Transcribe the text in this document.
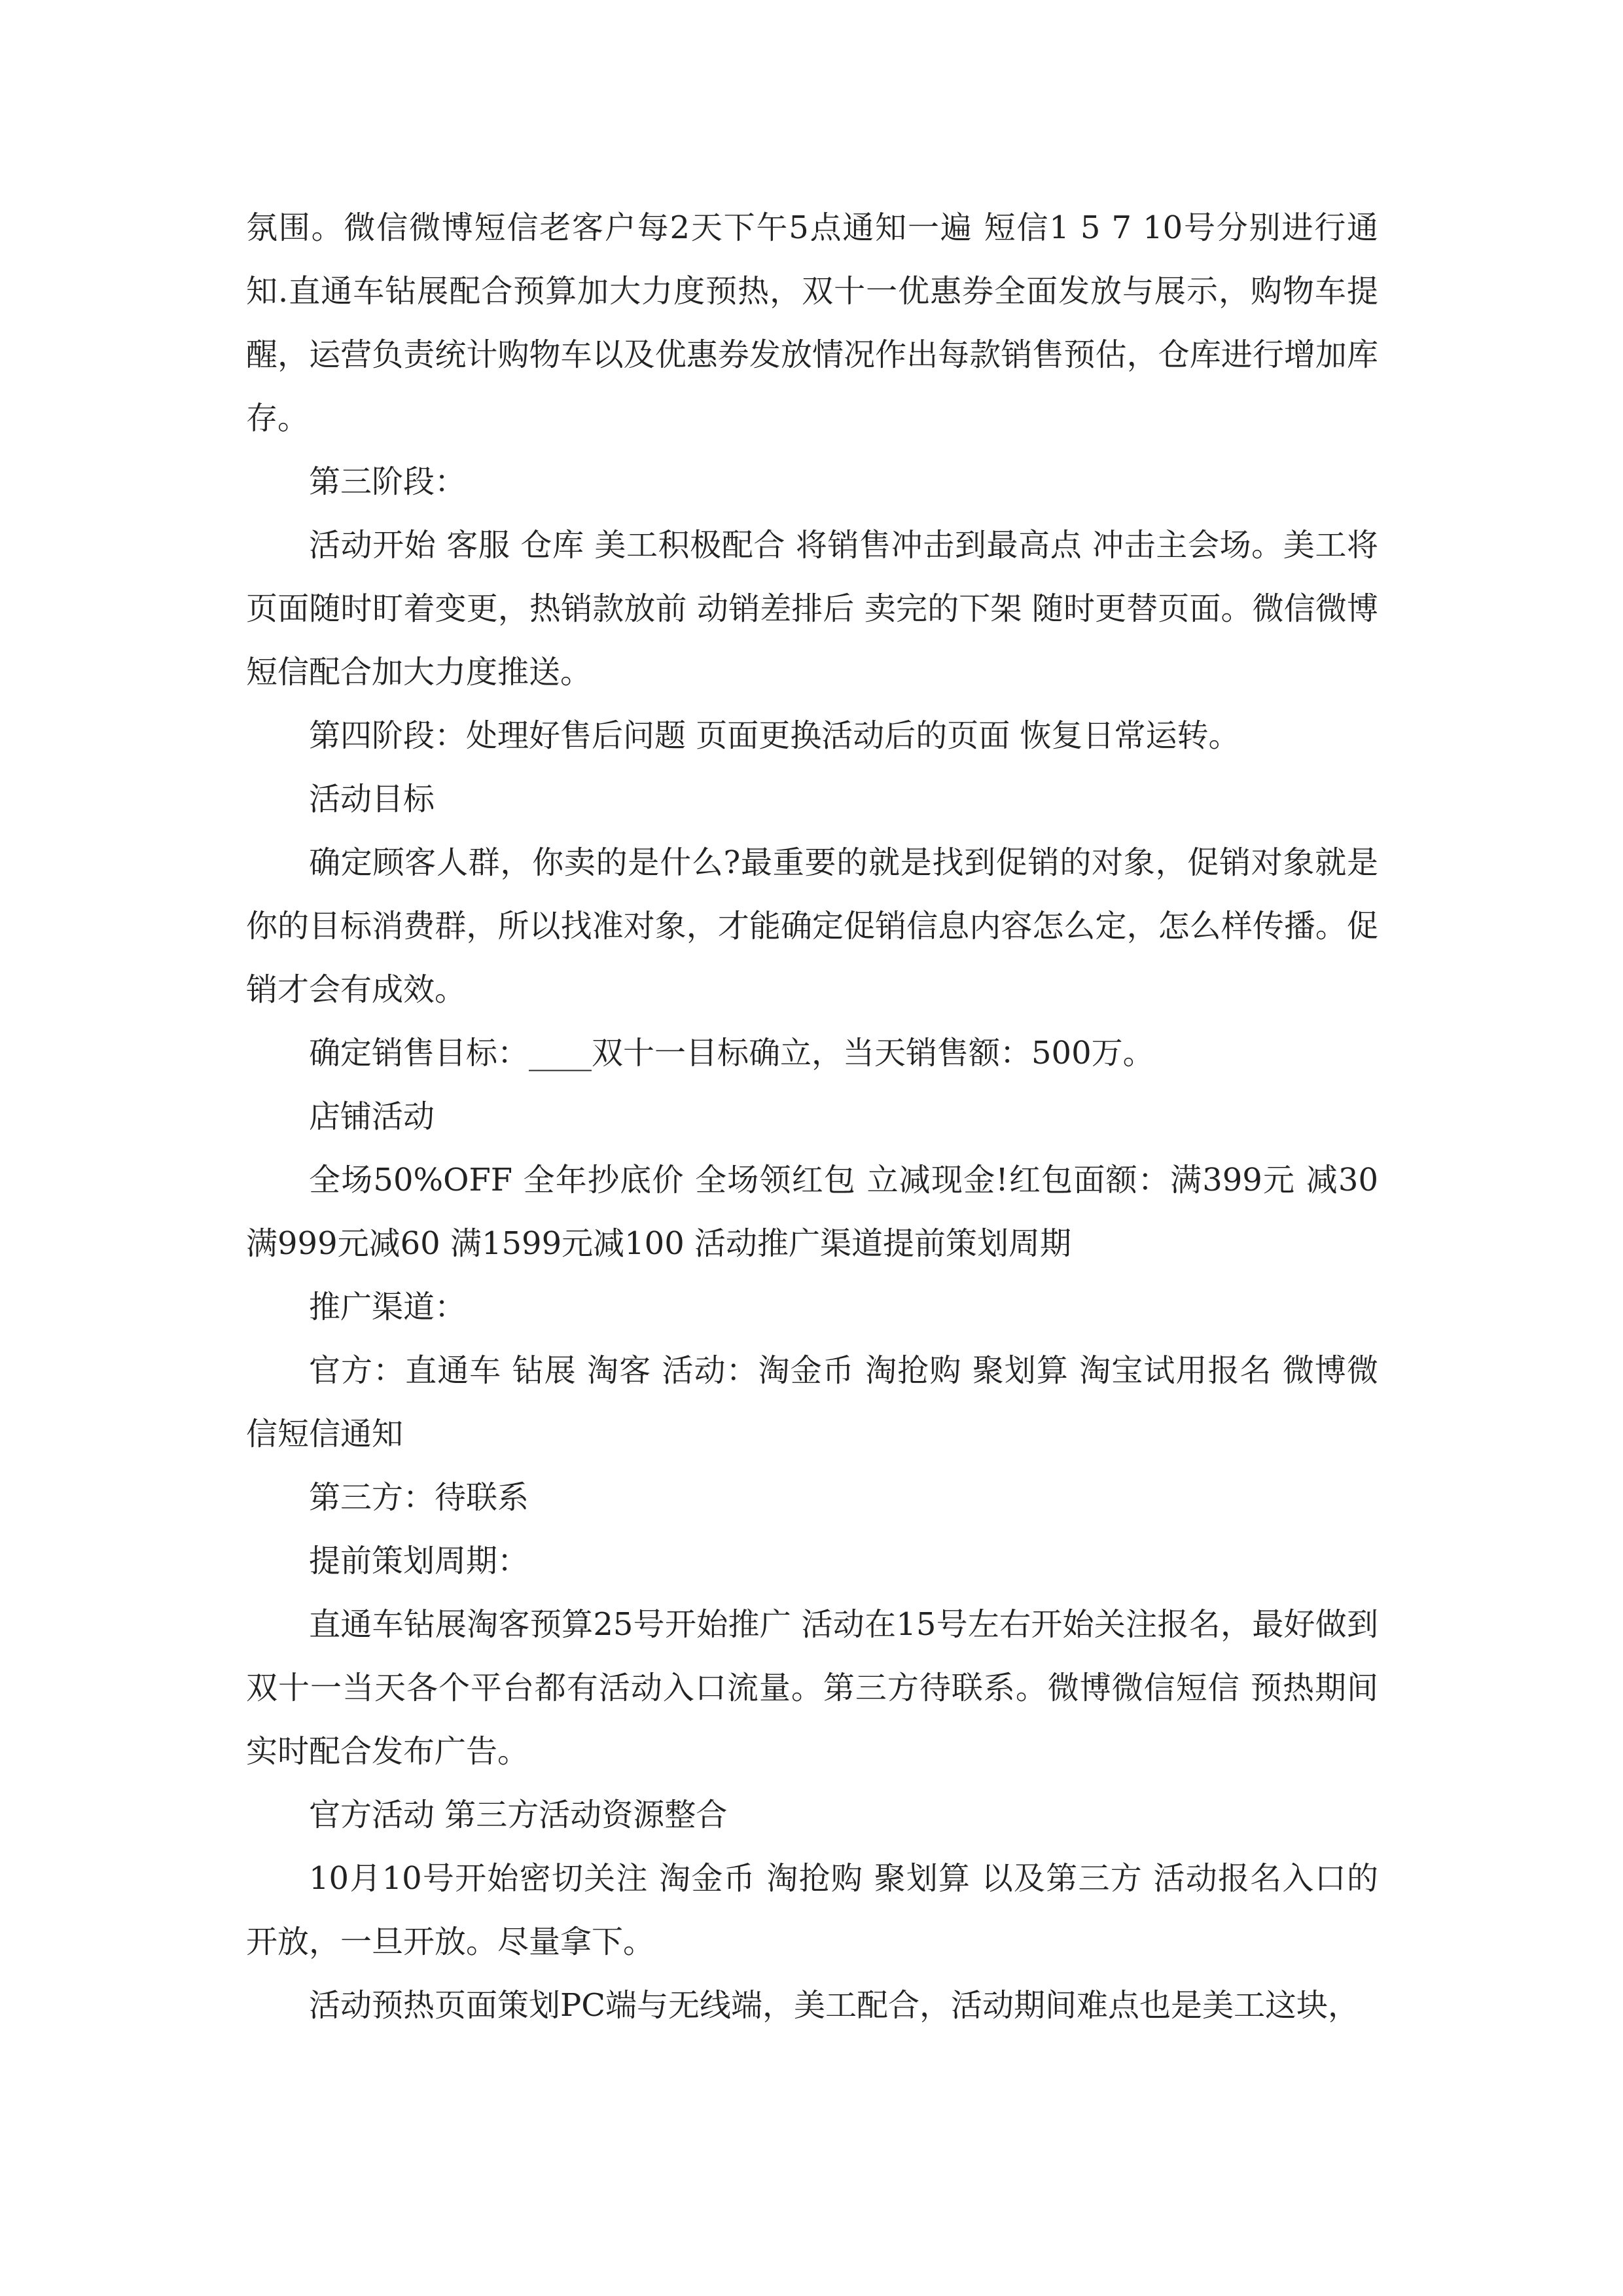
氛围。微信微博短信老客户每2天下午5点通知一遍 短信1 5 7 10号分别进行通知.直通车钻展配合预算加大力度预热，双十一优惠券全面发放与展示，购物车提醒，运营负责统计购物车以及优惠券发放情况作出每款销售预估，仓库进行增加库存。

第三阶段：

活动开始 客服 仓库 美工积极配合 将销售冲击到最高点 冲击主会场。美工将页面随时盯着变更，热销款放前 动销差排后 卖完的下架 随时更替页面。微信微博短信配合加大力度推送。

第四阶段：处理好售后问题 页面更换活动后的页面 恢复日常运转。

活动目标

确定顾客人群，你卖的是什么?最重要的就是找到促销的对象，促销对象就是你的目标消费群，所以找准对象，才能确定促销信息内容怎么定，怎么样传播。促销才会有成效。

确定销售目标：____双十一目标确立，当天销售额：500万。

店铺活动

全场50%OFF 全年抄底价 全场领红包 立减现金!红包面额：满399元 减30 满999元减60 满1599元减100 活动推广渠道提前策划周期

推广渠道：

官方：直通车 钻展 淘客 活动：淘金币 淘抢购 聚划算 淘宝试用报名 微博微信短信通知

第三方：待联系

提前策划周期：

直通车钻展淘客预算25号开始推广 活动在15号左右开始关注报名，最好做到双十一当天各个平台都有活动入口流量。第三方待联系。微博微信短信 预热期间实时配合发布广告。

官方活动 第三方活动资源整合

10月10号开始密切关注 淘金币 淘抢购 聚划算 以及第三方 活动报名入口的开放，一旦开放。尽量拿下。

活动预热页面策划PC端与无线端，美工配合，活动期间难点也是美工这块，
